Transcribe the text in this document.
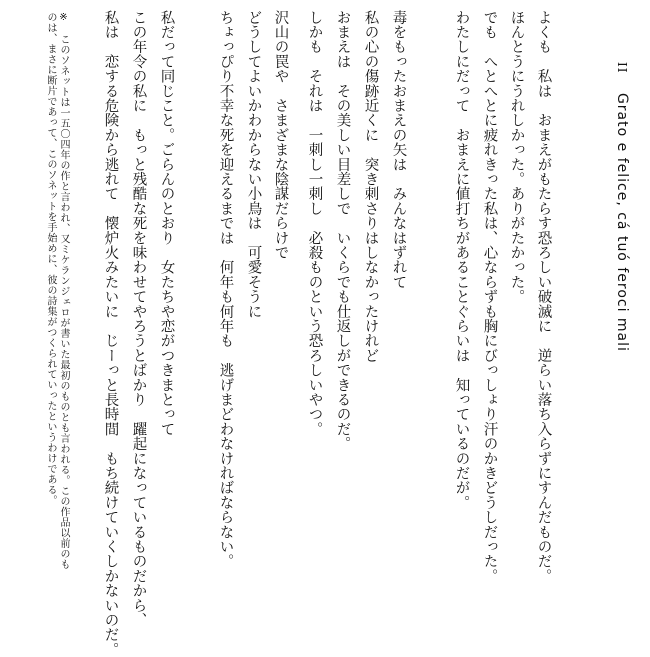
II Grato e felice, cá tuó feroci mali
よくも　私は　おまえがもたらす恐ろしい破滅に　逆らい落ち入らずにすんだものだ。
ほんとうにうれしかった。ありがたかった。
でも　へとへとに疲れきった私は、心ならずも胸にびっしょり汗のかきどうしだった。
わたしにだって　おまえに値打ちがあることぐらいは　知っているのだが。
毒をもったおまえの矢は　みんなはずれて
私の心の傷跡近くに　突き刺さりはしなかったけれど
おまえは　その美しい目差しで　いくらでも仕返しができるのだ。
しかも　それは　一刺し一刺し　必殺ものという恐ろしいやつ。
沢山の罠や　さまざまな陰謀だらけで
どうしてよいかわからない小鳥は　可愛そうに
ちょっぴり不幸な死を迎えるまでは　何年も何年も　逃げまどわなければならない。
私だって同じこと。ごらんのとおり　女たちや恋がつきまとって
この年令の私に　もっと残酷な死を味わせてやろうとばかり　躍起になっているものだから、
私は　恋する危険から逃れて　懐炉火みたいに　じーっと長時間　もち続けていくしかないのだ。
※　このソネットは一五〇四年の作と言われ、又ミケランジェロが書いた最初のものとも言われる。この作品以前のものは、まさに断片であって、このソネットを手始めに、彼の詩集がつくられていったというわけである。
